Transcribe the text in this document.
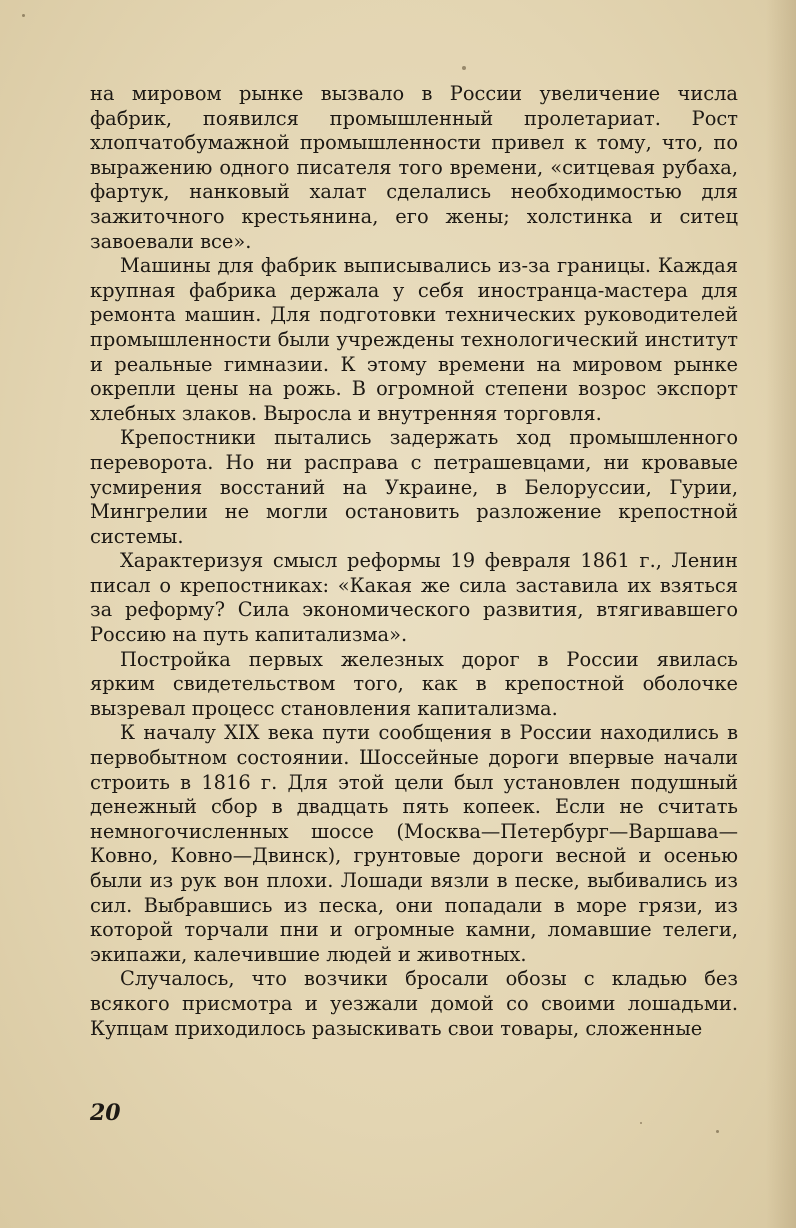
на мировом рынке вызвало в России увеличение числа фабрик, появился промышленный пролетариат. Рост хлопчатобумажной промышленности привел к тому, что, по выражению одного писателя того времени, «ситцевая рубаха, фартук, нанковый халат сделались необходимостью для зажиточного крестьянина, его жены; холстинка и ситец завоевали все».

Машины для фабрик выписывались из-за границы. Каждая крупная фабрика держала у себя иностранца-мастера для ремонта машин. Для подготовки технических руководителей промышленности были учреждены технологический институт и реальные гимназии. К этому времени на мировом рынке окрепли цены на рожь. В огромной степени возрос экспорт хлебных злаков. Выросла и внутренняя торговля.

Крепостники пытались задержать ход промышленного переворота. Но ни расправа с петрашевцами, ни кровавые усмирения восстаний на Украине, в Белоруссии, Гурии, Мингрелии не могли остановить разложение крепостной системы.

Характеризуя смысл реформы 19 февраля 1861 г., Ленин писал о крепостниках: «Какая же сила заставила их взяться за реформу? Сила экономического развития, втягивавшего Россию на путь капитализма».

Постройка первых железных дорог в России явилась ярким свидетельством того, как в крепостной оболочке вызревал процесс становления капитализма.

К началу XIX века пути сообщения в России находились в первобытном состоянии. Шоссейные дороги впервые начали строить в 1816 г. Для этой цели был установлен подушный денежный сбор в двадцать пять копеек. Если не считать немногочисленных шоссе (Москва—Петербург—Варшава—Ковно, Ковно—Двинск), грунтовые дороги весной и осенью были из рук вон плохи. Лошади вязли в песке, выбивались из сил. Выбравшись из песка, они попадали в море грязи, из которой торчали пни и огромные камни, ломавшие телеги, экипажи, калечившие людей и животных.

Случалось, что возчики бросали обозы с кладью без всякого присмотра и уезжали домой со своими лошадьми. Купцам приходилось разыскивать свои товары, сложенные

20
